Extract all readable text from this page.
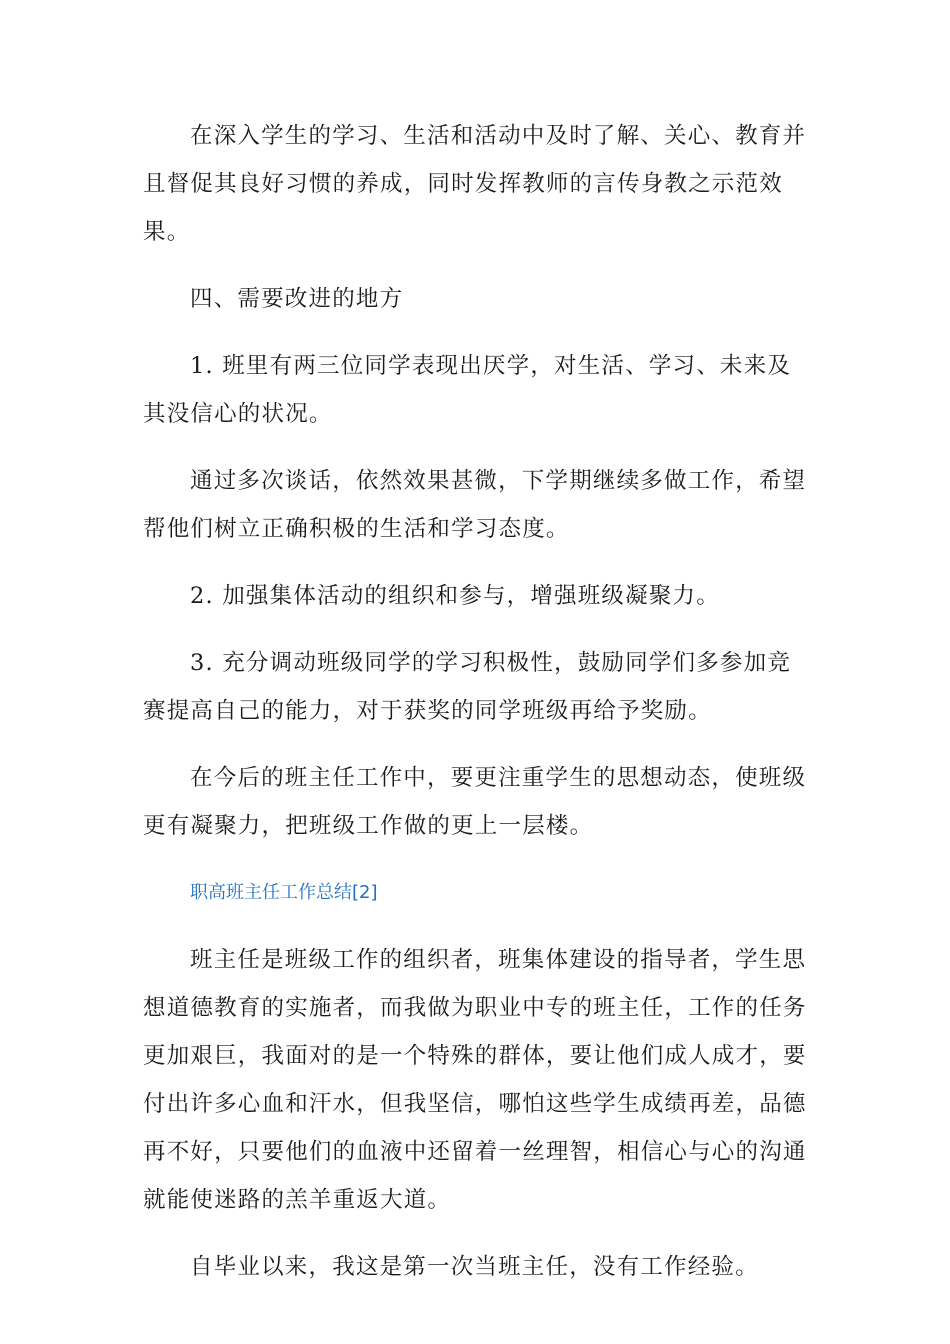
在深入学生的学习、生活和活动中及时了解、关心、教育并且督促其良好习惯的养成，同时发挥教师的言传身教之示范效果。

四、需要改进的地方

1. 班里有两三位同学表现出厌学，对生活、学习、未来及其没信心的状况。

通过多次谈话，依然效果甚微，下学期继续多做工作，希望帮他们树立正确积极的生活和学习态度。

2. 加强集体活动的组织和参与，增强班级凝聚力。

3. 充分调动班级同学的学习积极性，鼓励同学们多参加竞赛提高自己的能力，对于获奖的同学班级再给予奖励。

在今后的班主任工作中，要更注重学生的思想动态，使班级更有凝聚力，把班级工作做的更上一层楼。

职高班主任工作总结[2]

班主任是班级工作的组织者，班集体建设的指导者，学生思想道德教育的实施者，而我做为职业中专的班主任，工作的任务更加艰巨，我面对的是一个特殊的群体，要让他们成人成才，要付出许多心血和汗水，但我坚信，哪怕这些学生成绩再差，品德再不好，只要他们的血液中还留着一丝理智，相信心与心的沟通就能使迷路的羔羊重返大道。

自毕业以来，我这是第一次当班主任，没有工作经验。
